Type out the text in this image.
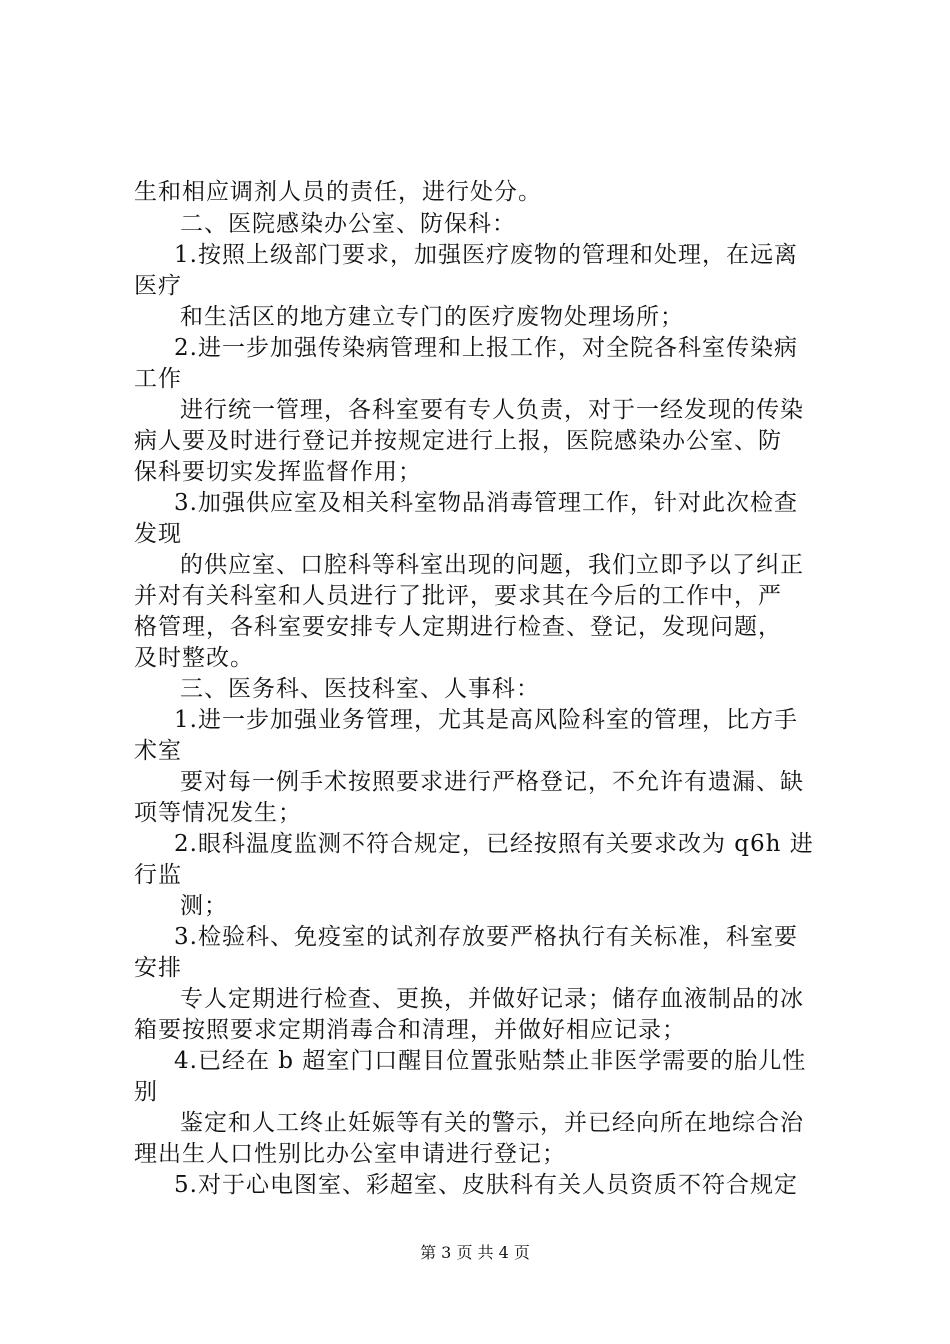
生和相应调剂人员的责任，进行处分。
二、医院感染办公室、防保科：
1.按照上级部门要求，加强医疗废物的管理和处理，在远离
医疗
和生活区的地方建立专门的医疗废物处理场所；
2.进一步加强传染病管理和上报工作，对全院各科室传染病
工作
进行统一管理，各科室要有专人负责，对于一经发现的传染
病人要及时进行登记并按规定进行上报，医院感染办公室、防
保科要切实发挥监督作用；
3.加强供应室及相关科室物品消毒管理工作，针对此次检查
发现
的供应室、口腔科等科室出现的问题，我们立即予以了纠正
并对有关科室和人员进行了批评，要求其在今后的工作中，严
格管理，各科室要安排专人定期进行检查、登记，发现问题，
及时整改。
三、医务科、医技科室、人事科：
1.进一步加强业务管理，尤其是高风险科室的管理，比方手
术室
要对每一例手术按照要求进行严格登记，不允许有遗漏、缺
项等情况发生；
2.眼科温度监测不符合规定，已经按照有关要求改为 q6h 进
行监
测；
3.检验科、免疫室的试剂存放要严格执行有关标准，科室要
安排
专人定期进行检查、更换，并做好记录；储存血液制品的冰
箱要按照要求定期消毒合和清理，并做好相应记录；
4.已经在 b 超室门口醒目位置张贴禁止非医学需要的胎儿性
别
鉴定和人工终止妊娠等有关的警示，并已经向所在地综合治
理出生人口性别比办公室申请进行登记；
5.对于心电图室、彩超室、皮肤科有关人员资质不符合规定
第 3 页 共 4 页
